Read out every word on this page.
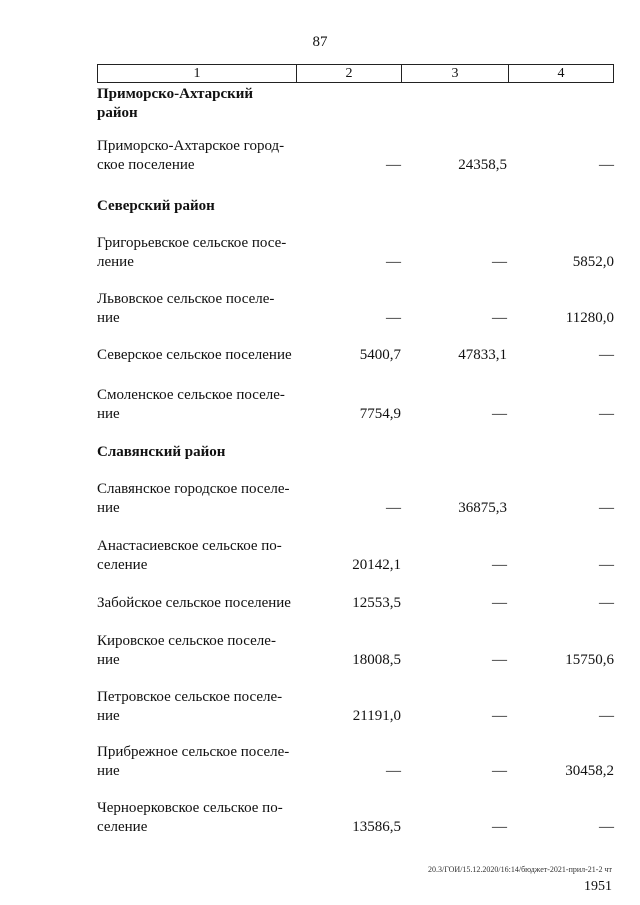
87
1	2	3	4
Приморско-Ахтарский
район
Приморско-Ахтарское город-
ское поселение	—	24358,5	—
Северский район
Григорьевское сельское посе-
ление	—	—	5852,0
Львовское сельское поселе-
ние	—	—	11280,0
Северское сельское поселение	5400,7	47833,1	—
Смоленское сельское поселе-
ние	7754,9	—	—
Славянский район
Славянское городское поселе-
ние	—	36875,3	—
Анастасиевское сельское по-
селение	20142,1	—	—
Забойское сельское поселение	12553,5	—	—
Кировское сельское поселе-
ние	18008,5	—	15750,6
Петровское сельское поселе-
ние	21191,0	—	—
Прибрежное сельское поселе-
ние	—	—	30458,2
Черноерковское сельское по-
селение	13586,5	—	—
20.3/ГОИ/15.12.2020/16:14/бюджет-2021-прил-21-2 чт
1951
